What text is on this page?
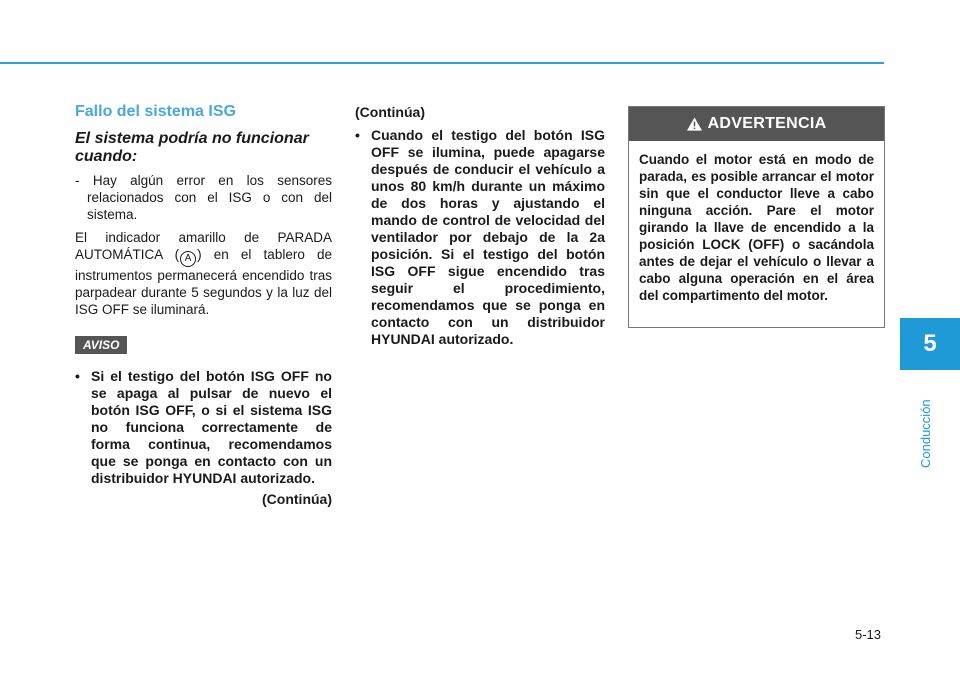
Fallo del sistema ISG
El sistema podría no funcionar cuando:
- Hay algún error en los sensores relacionados con el ISG o con del sistema.
El indicador amarillo de PARADA AUTOMÁTICA ( A ) en el tablero de instrumentos permanecerá encendido tras parpadear durante 5 segundos y la luz del ISG OFF se iluminará.
AVISO
• Si el testigo del botón ISG OFF no se apaga al pulsar de nuevo el botón ISG OFF, o si el sistema ISG no funciona correctamente de forma continua, recomendamos que se ponga en contacto con un distribuidor HYUNDAI autorizado.

(Continúa)

(Continúa)

• Cuando el testigo del botón ISG OFF se ilumina, puede apagarse después de conducir el vehículo a unos 80 km/h durante un máximo de dos horas y ajustando el mando de control de velocidad del ventilador por debajo de la 2a posición. Si el testigo del botón ISG OFF sigue encendido tras seguir el procedimiento, recomendamos que se ponga en contacto con un distribuidor HYUNDAI autorizado.
ADVERTENCIA
Cuando el motor está en modo de parada, es posible arrancar el motor sin que el conductor lleve a cabo ninguna acción. Pare el motor girando la llave de encendido a la posición LOCK (OFF) o sacándola antes de dejar el vehículo o llevar a cabo alguna operación en el área del compartimento del motor.
5
Conducción
5-13
